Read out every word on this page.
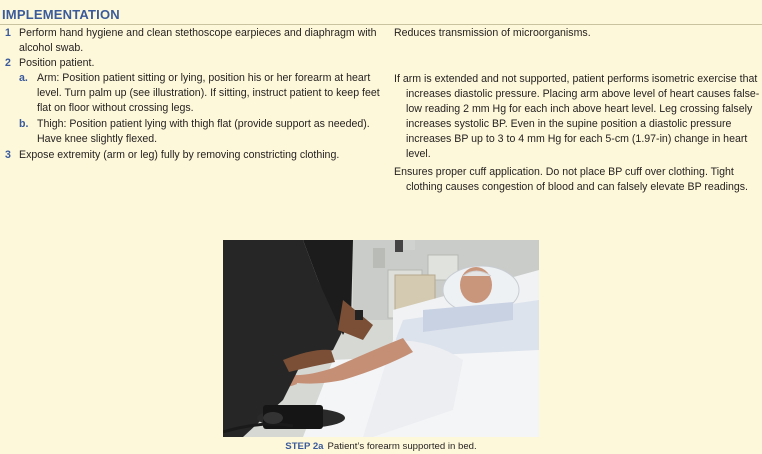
IMPLEMENTATION
1 Perform hand hygiene and clean stethoscope earpieces and diaphragm with alcohol swab.
2 Position patient.
a. Arm: Position patient sitting or lying, position his or her forearm at heart level. Turn palm up (see illustration). If sitting, instruct patient to keep feet flat on floor without crossing legs.
b. Thigh: Position patient lying with thigh flat (provide support as needed). Have knee slightly flexed.
3 Expose extremity (arm or leg) fully by removing constricting clothing.
Reduces transmission of microorganisms.
If arm is extended and not supported, patient performs isometric exercise that increases diastolic pressure. Placing arm above level of heart causes false-low reading 2 mm Hg for each inch above heart level. Leg crossing falsely increases systolic BP. Even in the supine position a diastolic pressure increases BP up to 3 to 4 mm Hg for each 5-cm (1.97-in) change in heart level.
Ensures proper cuff application. Do not place BP cuff over clothing. Tight clothing causes congestion of blood and can falsely elevate BP readings.
STEP 2a Patient’s forearm supported in bed.
